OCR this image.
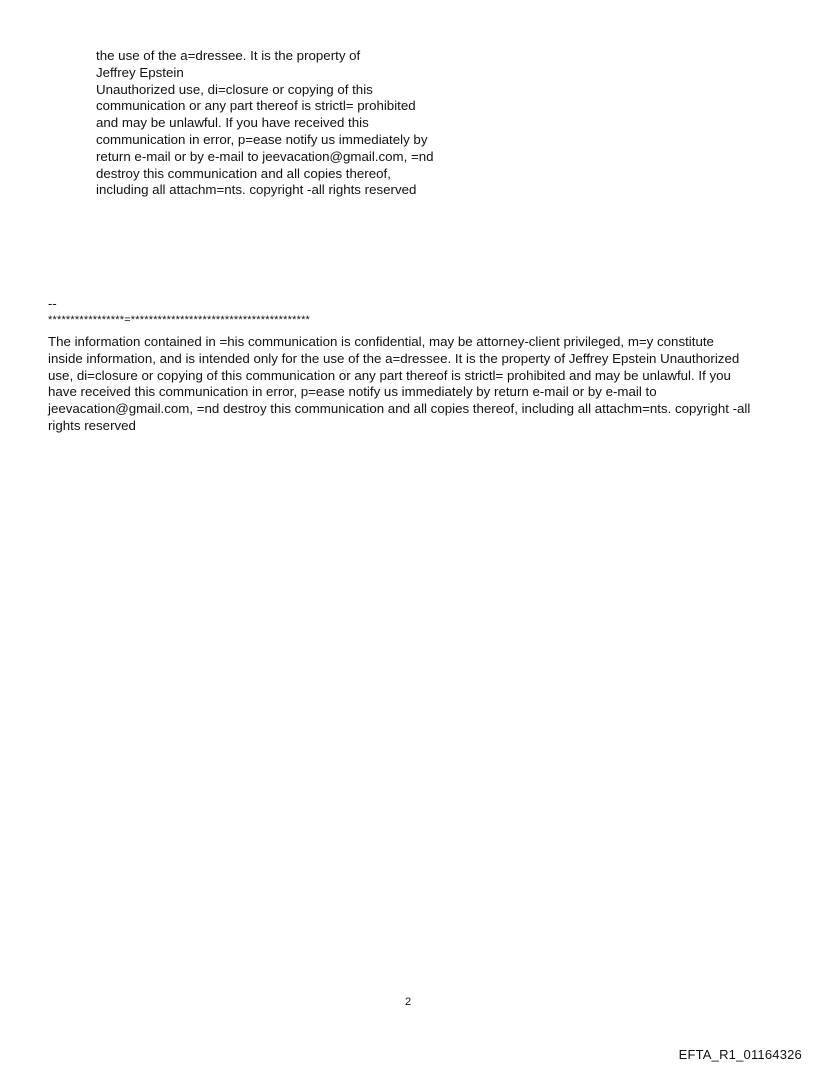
the use of the a=dressee. It is the property of
Jeffrey Epstein
Unauthorized use, di=closure or copying of this
communication or any part thereof is strictl= prohibited
and may be unlawful. If you have received this
communication in error, p=ease notify us immediately by
return e-mail or by e-mail to jeevacation@gmail.com, =nd
destroy this communication and all copies thereof,
including all attachm=nts. copyright -all rights reserved
--
*****************=****************************************
The information contained in =his communication is confidential, may be attorney-client privileged, m=y constitute
inside information, and is intended only for the use of the a=dressee. It is the property of Jeffrey Epstein Unauthorized
use, di=closure or copying of this communication or any part thereof is strictl= prohibited and may be unlawful. If you
have received this communication in error, p=ease notify us immediately by return e-mail or by e-mail to
jeevacation@gmail.com, =nd destroy this communication and all copies thereof, including all attachm=nts. copyright -all
rights reserved
2
EFTA_R1_01164326
